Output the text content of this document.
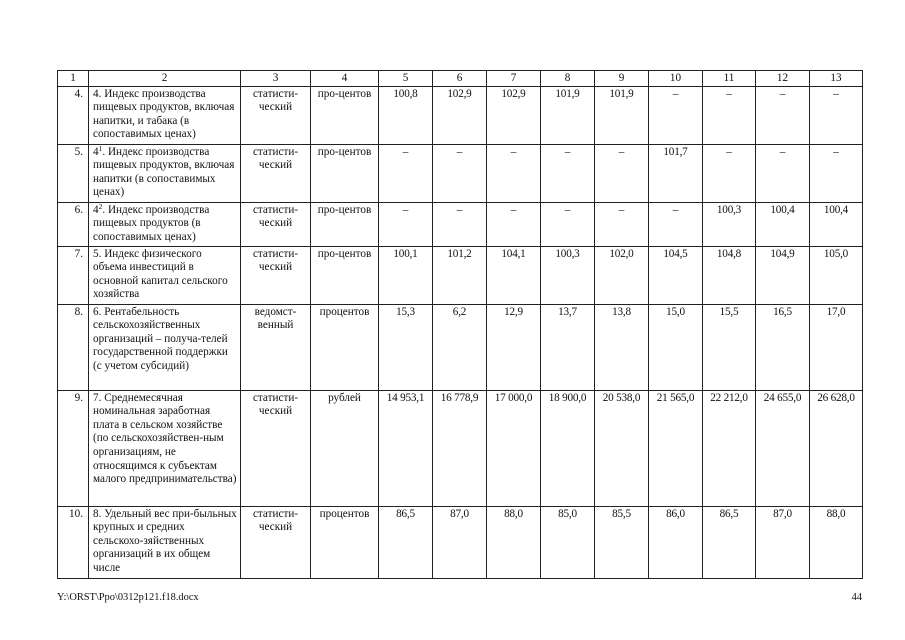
1	2	3	4	5	6	7	8	9	10	11	12	13
4.	4. Индекс производства пищевых продуктов, включая напитки, и табака (в сопоставимых ценах)	статисти-ческий	про-центов	100,8	102,9	102,9	101,9	101,9	–	–	–	–
5.	$4^1$. Индекс производства пищевых продуктов, включая напитки (в сопоставимых ценах)	статисти-ческий	про-центов	–	–	–	–	–	101,7	–	–	–
6.	$4^2$. Индекс производства пищевых продуктов (в сопоставимых ценах)	статисти-ческий	про-центов	–	–	–	–	–	–	100,3	100,4	100,4
7.	5. Индекс физического объема инвестиций в основной капитал сельского хозяйства	статисти-ческий	про-центов	100,1	101,2	104,1	100,3	102,0	104,5	104,8	104,9	105,0
8.	6. Рентабельность сельскохозяйственных организаций – получа-телей государственной поддержки (с учетом субсидий)	ведомст-венный	процентов	15,3	6,2	12,9	13,7	13,8	15,0	15,5	16,5	17,0
9.	7. Среднемесячная номинальная заработная плата в сельском хозяйстве (по сельскохозяйствен-ным организациям, не относящимся к субъектам малого предпринимательства)	статисти-ческий	рублей	14 953,1	16 778,9	17 000,0	18 900,0	20 538,0	21 565,0	22 212,0	24 655,0	26 628,0
10.	8. Удельный вес при-быльных крупных и средних сельскохо-зяйственных организаций в их общем числе	статисти-ческий	процентов	86,5	87,0	88,0	85,0	85,5	86,0	86,5	87,0	88,0
Y:\ORST\Ppo\0312p121.f18.docx	44
